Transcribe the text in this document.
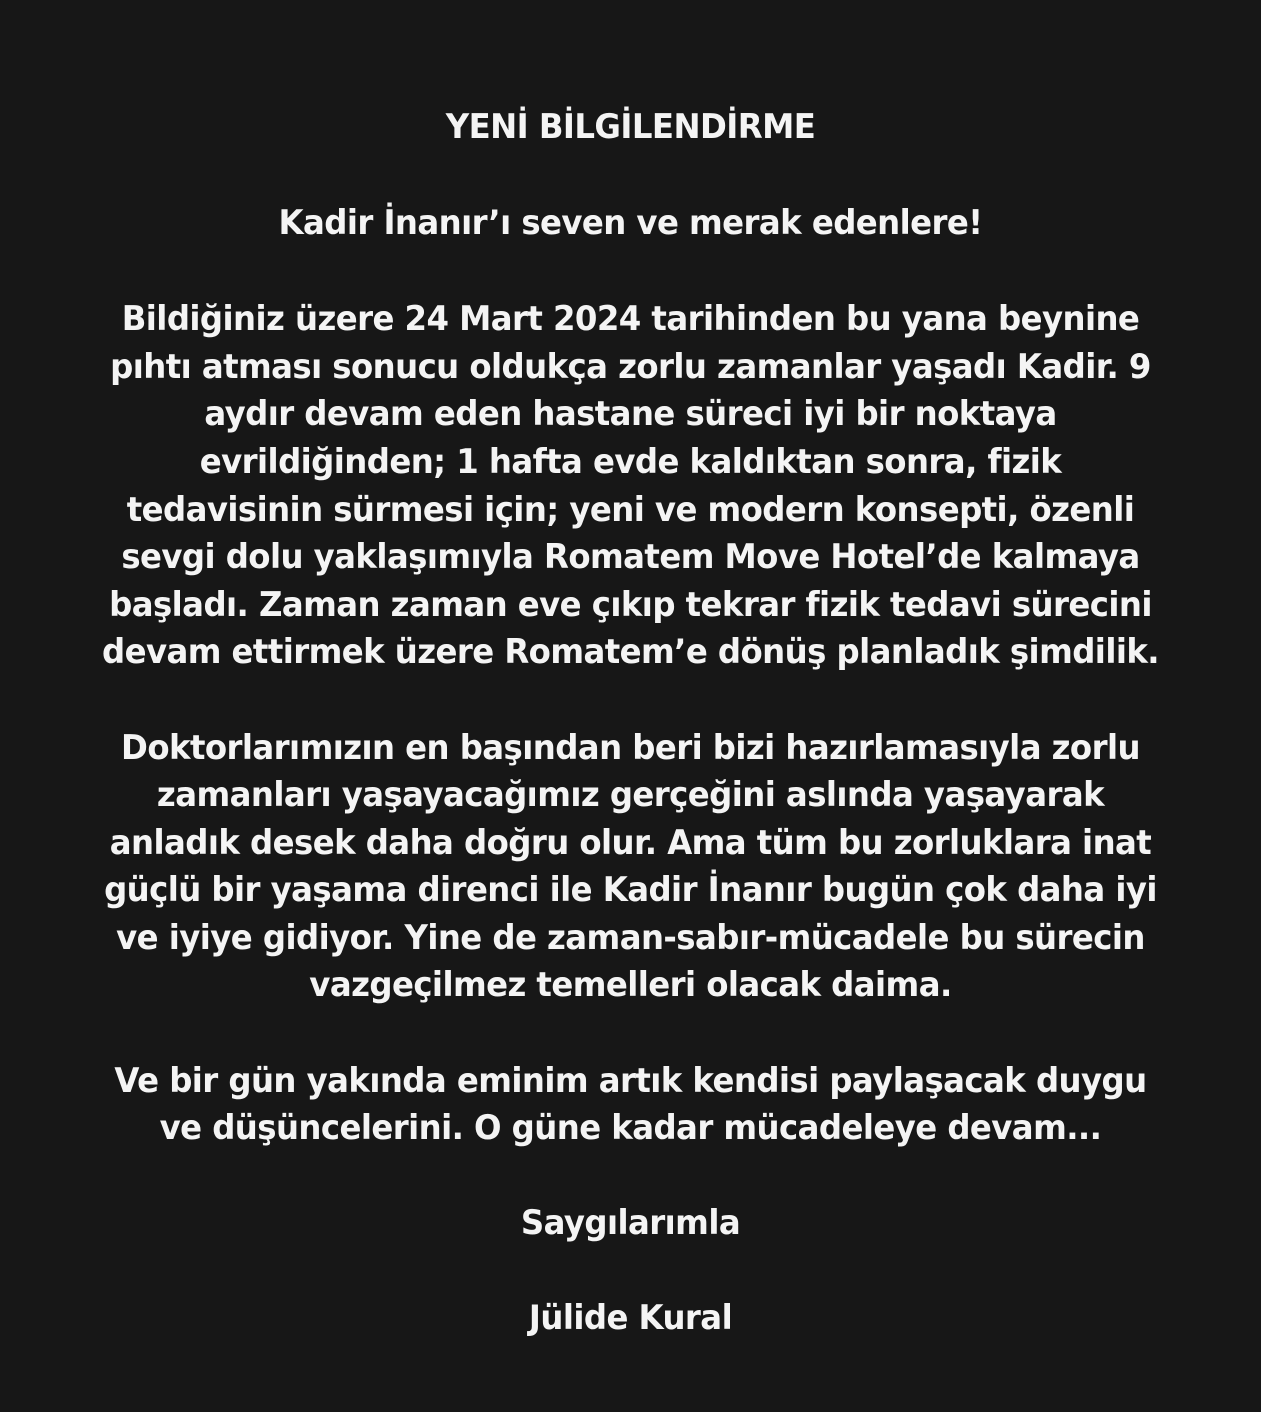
YENİ BİLGİLENDİRME
Kadir İnanır’ı seven ve merak edenlere!
Bildiğiniz üzere 24 Mart 2024 tarihinden bu yana beynine
pıhtı atması sonucu oldukça zorlu zamanlar yaşadı Kadir. 9
aydır devam eden hastane süreci iyi bir noktaya
evrildiğinden; 1 hafta evde kaldıktan sonra, fizik
tedavisinin sürmesi için; yeni ve modern konsepti, özenli
sevgi dolu yaklaşımıyla Romatem Move Hotel’de kalmaya
başladı. Zaman zaman eve çıkıp tekrar fizik tedavi sürecini
devam ettirmek üzere Romatem’e dönüş planladık şimdilik.
Doktorlarımızın en başından beri bizi hazırlamasıyla zorlu
zamanları yaşayacağımız gerçeğini aslında yaşayarak
anladık desek daha doğru olur. Ama tüm bu zorluklara inat
güçlü bir yaşama direnci ile Kadir İnanır bugün çok daha iyi
ve iyiye gidiyor. Yine de zaman-sabır-mücadele bu sürecin
vazgeçilmez temelleri olacak daima.
Ve bir gün yakında eminim artık kendisi paylaşacak duygu
ve düşüncelerini. O güne kadar mücadeleye devam...
Saygılarımla
Jülide Kural
